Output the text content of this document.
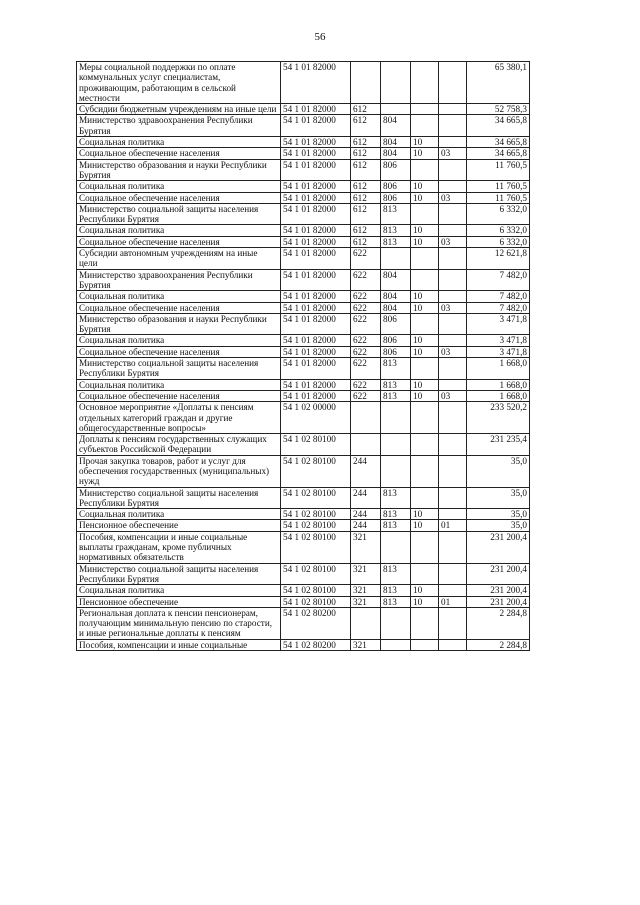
56
Меры социальной поддержки по оплате коммунальных услуг специалистам, проживающим, работающим в сельской местности	54 1 01 82000					65 380,1
Субсидии бюджетным учреждениям на иные цели	54 1 01 82000	612				52 758,3
Министерство здравоохранения Республики Бурятия	54 1 01 82000	612	804			34 665,8
Социальная политика	54 1 01 82000	612	804	10		34 665,8
Социальное обеспечение населения	54 1 01 82000	612	804	10	03	34 665,8
Министерство образования и науки Республики Бурятия	54 1 01 82000	612	806			11 760,5
Социальная политика	54 1 01 82000	612	806	10		11 760,5
Социальное обеспечение населения	54 1 01 82000	612	806	10	03	11 760,5
Министерство социальной защиты населения Республики Бурятия	54 1 01 82000	612	813			6 332,0
Социальная политика	54 1 01 82000	612	813	10		6 332,0
Социальное обеспечение населения	54 1 01 82000	612	813	10	03	6 332,0
Субсидии автономным учреждениям на иные цели	54 1 01 82000	622				12 621,8
Министерство здравоохранения Республики Бурятия	54 1 01 82000	622	804			7 482,0
Социальная политика	54 1 01 82000	622	804	10		7 482,0
Социальное обеспечение населения	54 1 01 82000	622	804	10	03	7 482,0
Министерство образования и науки Республики Бурятия	54 1 01 82000	622	806			3 471,8
Социальная политика	54 1 01 82000	622	806	10		3 471,8
Социальное обеспечение населения	54 1 01 82000	622	806	10	03	3 471,8
Министерство социальной защиты населения Республики Бурятия	54 1 01 82000	622	813			1 668,0
Социальная политика	54 1 01 82000	622	813	10		1 668,0
Социальное обеспечение населения	54 1 01 82000	622	813	10	03	1 668,0
Основное мероприятие «Доплаты к пенсиям отдельных категорий граждан и другие общегосударственные вопросы»	54 1 02 00000					233 520,2
Доплаты к пенсиям государственных служащих субъектов Российской Федерации	54 1 02 80100					231 235,4
Прочая закупка товаров, работ и услуг для обеспечения государственных (муниципальных) нужд	54 1 02 80100	244				35,0
Министерство социальной защиты населения Республики Бурятия	54 1 02 80100	244	813			35,0
Социальная политика	54 1 02 80100	244	813	10		35,0
Пенсионное обеспечение	54 1 02 80100	244	813	10	01	35,0
Пособия, компенсации и иные социальные выплаты гражданам, кроме публичных нормативных обязательств	54 1 02 80100	321				231 200,4
Министерство социальной защиты населения Республики Бурятия	54 1 02 80100	321	813			231 200,4
Социальная политика	54 1 02 80100	321	813	10		231 200,4
Пенсионное обеспечение	54 1 02 80100	321	813	10	01	231 200,4
Региональная доплата к пенсии пенсионерам, получающим минимальную пенсию по старости, и иные региональные доплаты к пенсиям	54 1 02 80200					2 284,8
Пособия, компенсации и иные социальные	54 1 02 80200	321				2 284,8
